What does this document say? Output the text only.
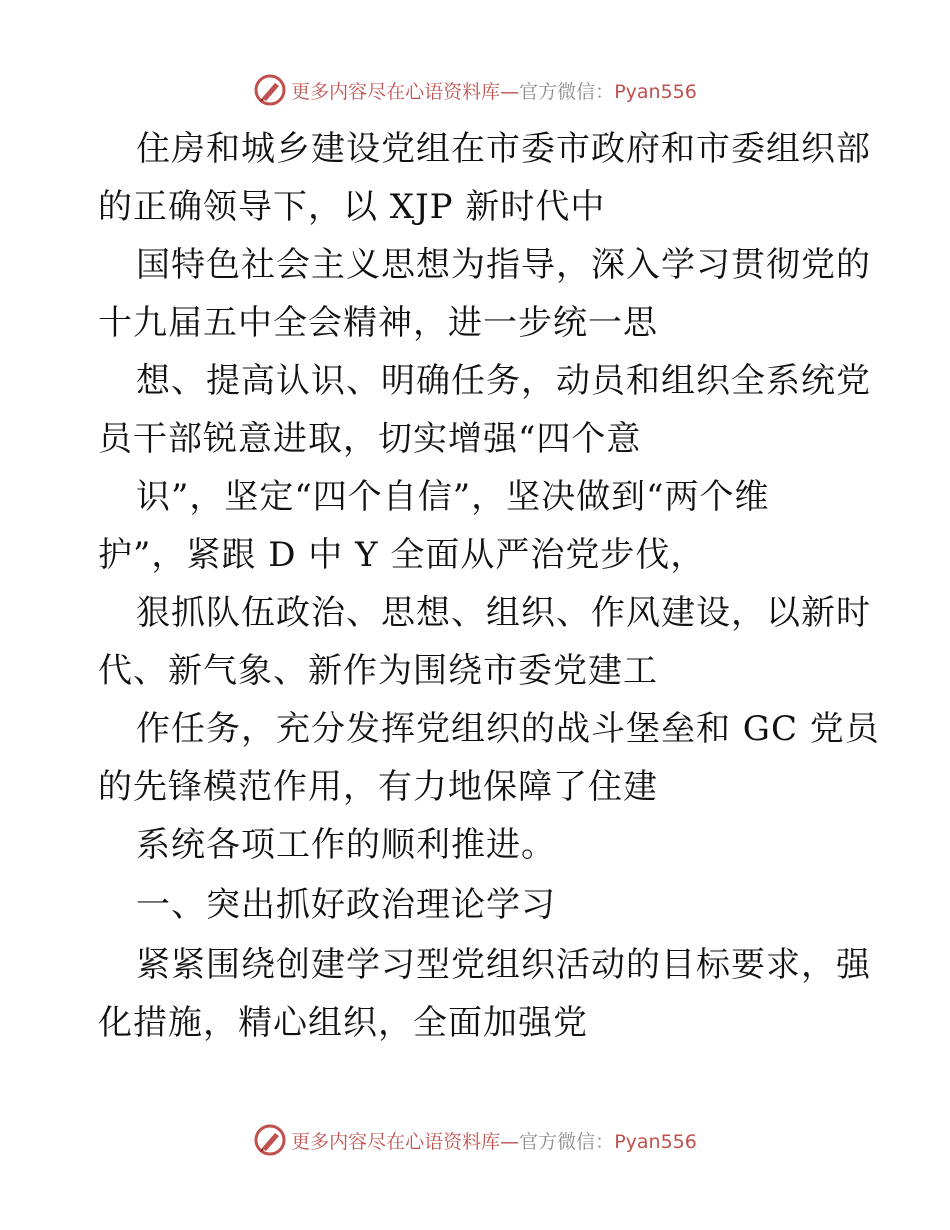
更多内容尽在心语资料库—官方微信：Pyan556
住房和城乡建设党组在市委市政府和市委组织部
的正确领导下，以 XJP 新时代中
国特色社会主义思想为指导，深入学习贯彻党的
十九届五中全会精神，进一步统一思
想、提高认识、明确任务，动员和组织全系统党
员干部锐意进取，切实增强“四个意
识”，坚定“四个自信”，坚决做到“两个维
护”，紧跟 D 中 Y 全面从严治党步伐，
狠抓队伍政治、思想、组织、作风建设，以新时
代、新气象、新作为围绕市委党建工
作任务，充分发挥党组织的战斗堡垒和 GC 党员
的先锋模范作用，有力地保障了住建
系统各项工作的顺利推进。
一、突出抓好政治理论学习
紧紧围绕创建学习型党组织活动的目标要求，强
化措施，精心组织，全面加强党
更多内容尽在心语资料库—官方微信：Pyan556
